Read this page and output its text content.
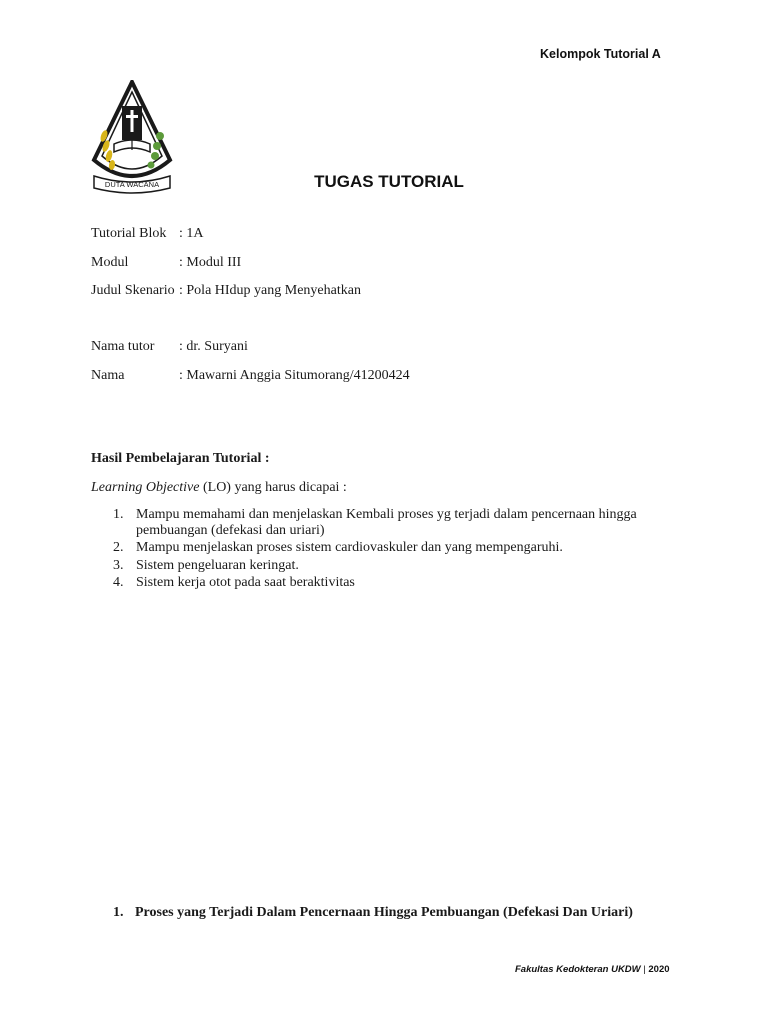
Kelompok Tutorial A
DUTA WACANA	TUGAS TUTORIAL
Tutorial Blok : 1A
Modul	: Modul III
Judul Skenario : Pola HIdup yang Menyehatkan
Nama tutor : dr. Suryani
Nama	: Mawarni Anggia Situmorang/41200424
Hasil Pembelajaran Tutorial :
Learning Objective (LO) yang harus dicapai :
1. Mampu memahami dan menjelaskan Kembali proses yg terjadi dalam pencernaan hingga pembuangan (defekasi dan uriari)
2. Mampu menjelaskan proses sistem cardiovaskuler dan yang mempengaruhi.
3. Sistem pengeluaran keringat.
4. Sistem kerja otot pada saat beraktivitas
1. Proses yang Terjadi Dalam Pencernaan Hingga Pembuangan (Defekasi Dan Uriari)
Fakultas Kedokteran UKDW | 2020
